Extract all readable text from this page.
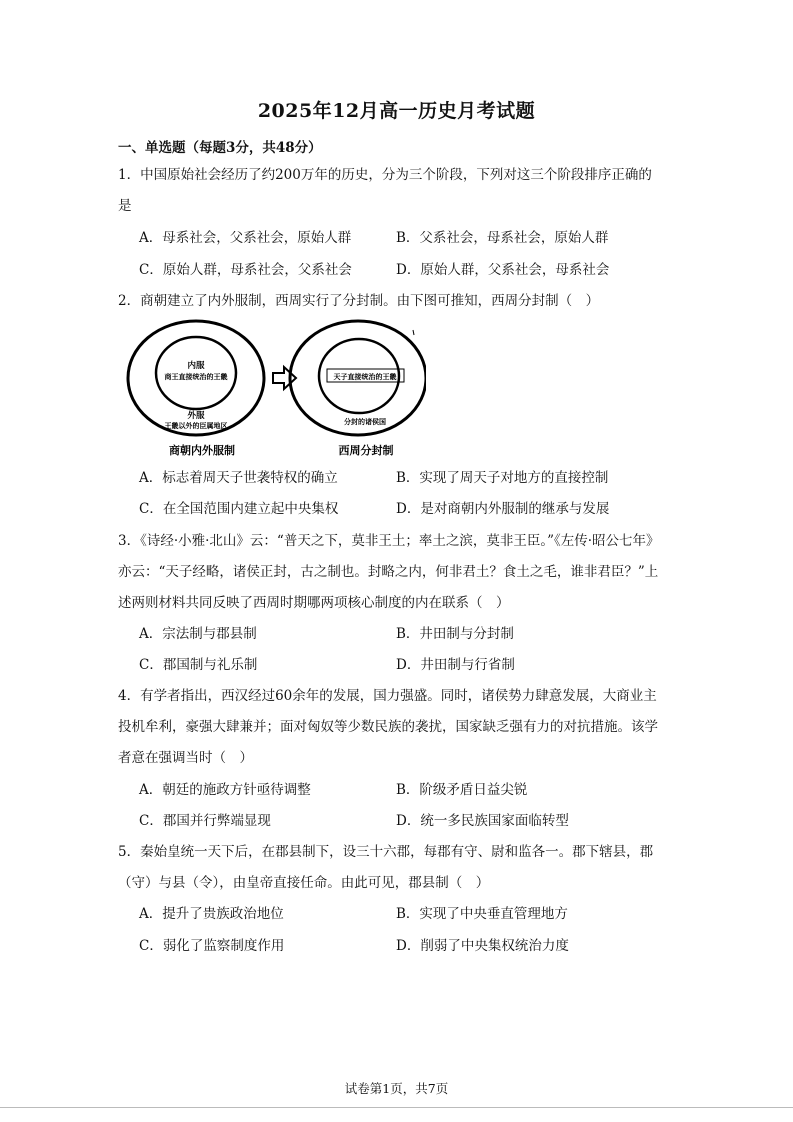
2025年12月高一历史月考试题
一、单选题（每题3分，共48分）
1．中国原始社会经历了约200万年的历史，分为三个阶段，下列对这三个阶段排序正确的
是
A．母系社会，父系社会，原始人群	B．父系社会，母系社会，原始人群
C．原始人群，母系社会，父系社会	D．原始人群，父系社会，母系社会
2．商朝建立了内外服制，西周实行了分封制。由下图可推知，西周分封制（　）
内服
商王直接统治的王畿
外服
王畿以外的臣属地区
商朝内外服制
天子直接统治的王畿
分封的诸侯国
西周分封制
A．标志着周天子世袭特权的确立	B．实现了周天子对地方的直接控制
C．在全国范围内建立起中央集权	D．是对商朝内外服制的继承与发展
3．《诗经·小雅·北山》云：“普天之下，莫非王土；率土之滨，莫非王臣。”《左传·昭公七年》
亦云：“天子经略，诸侯正封，古之制也。封略之内，何非君土？食土之毛，谁非君臣？”上
述两则材料共同反映了西周时期哪两项核心制度的内在联系（　）
A．宗法制与郡县制	B．井田制与分封制
C．郡国制与礼乐制	D．井田制与行省制
4．有学者指出，西汉经过60余年的发展，国力强盛。同时，诸侯势力肆意发展，大商业主
投机牟利，豪强大肆兼并；面对匈奴等少数民族的袭扰，国家缺乏强有力的对抗措施。该学
者意在强调当时（　）
A．朝廷的施政方针亟待调整	B．阶级矛盾日益尖锐
C．郡国并行弊端显现	D．统一多民族国家面临转型
5．秦始皇统一天下后，在郡县制下，设三十六郡，每郡有守、尉和监各一。郡下辖县，郡
（守）与县（令），由皇帝直接任命。由此可见，郡县制（　）
A．提升了贵族政治地位	B．实现了中央垂直管理地方
C．弱化了监察制度作用	D．削弱了中央集权统治力度
试卷第1页，共7页
